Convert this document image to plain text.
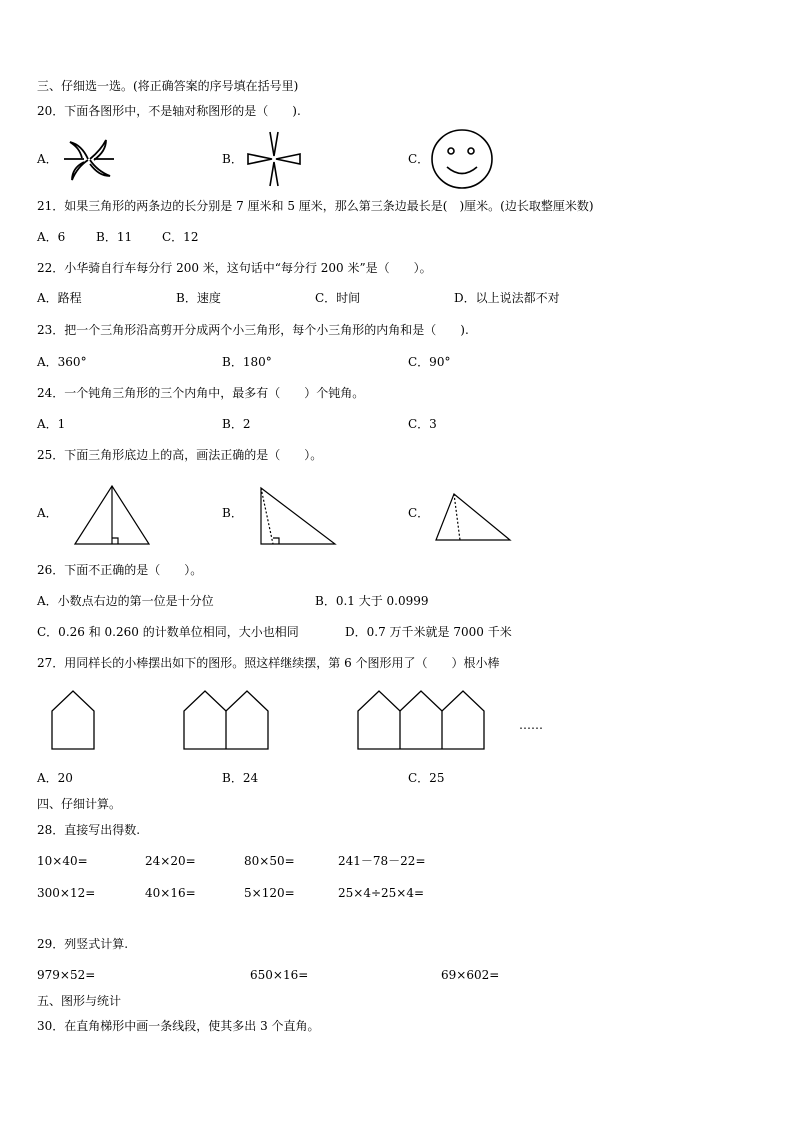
三、仔细选一选。(将正确答案的序号填在括号里)
20．下面各图形中，不是轴对称图形的是（　　).
A．	B．	C．
21．如果三角形的两条边的长分别是 7 厘米和 5 厘米，那么第三条边最长是(　)厘米。(边长取整厘米数)
A．6	B．11 C．12
22．小华骑自行车每分行 200 米，这句话中“每分行 200 米”是（　　）。
A．路程	B．速度	C．时间	D．以上说法都不对
23．把一个三角形沿高剪开分成两个小三角形，每个小三角形的内角和是（　　).
A．360°	B．180°	C．90°
24．一个钝角三角形的三个内角中，最多有（　　）个钝角。
A．1	B．2	C．3
25．下面三角形底边上的高，画法正确的是（　　）。
A．	B．	C．
26．下面不正确的是（　　）。
A．小数点右边的第一位是十分位	B．0.1 大于 0.0999
C．0.26 和 0.260 的计数单位相同，大小也相同	D．0.7 万千米就是 7000 千米
27．用同样长的小棒摆出如下的图形。照这样继续摆，第 6 个图形用了（　　）根小棒
……
A．20	B．24	C．25
四、仔细计算。
28．直接写出得数.
10×40=	24×20=	80×50=	241－78－22=
300×12=	40×16=	5×120=	25×4÷25×4=
29．列竖式计算.
979×52=	650×16=	69×602=
五、图形与统计
30．在直角梯形中画一条线段，使其多出 3 个直角。
